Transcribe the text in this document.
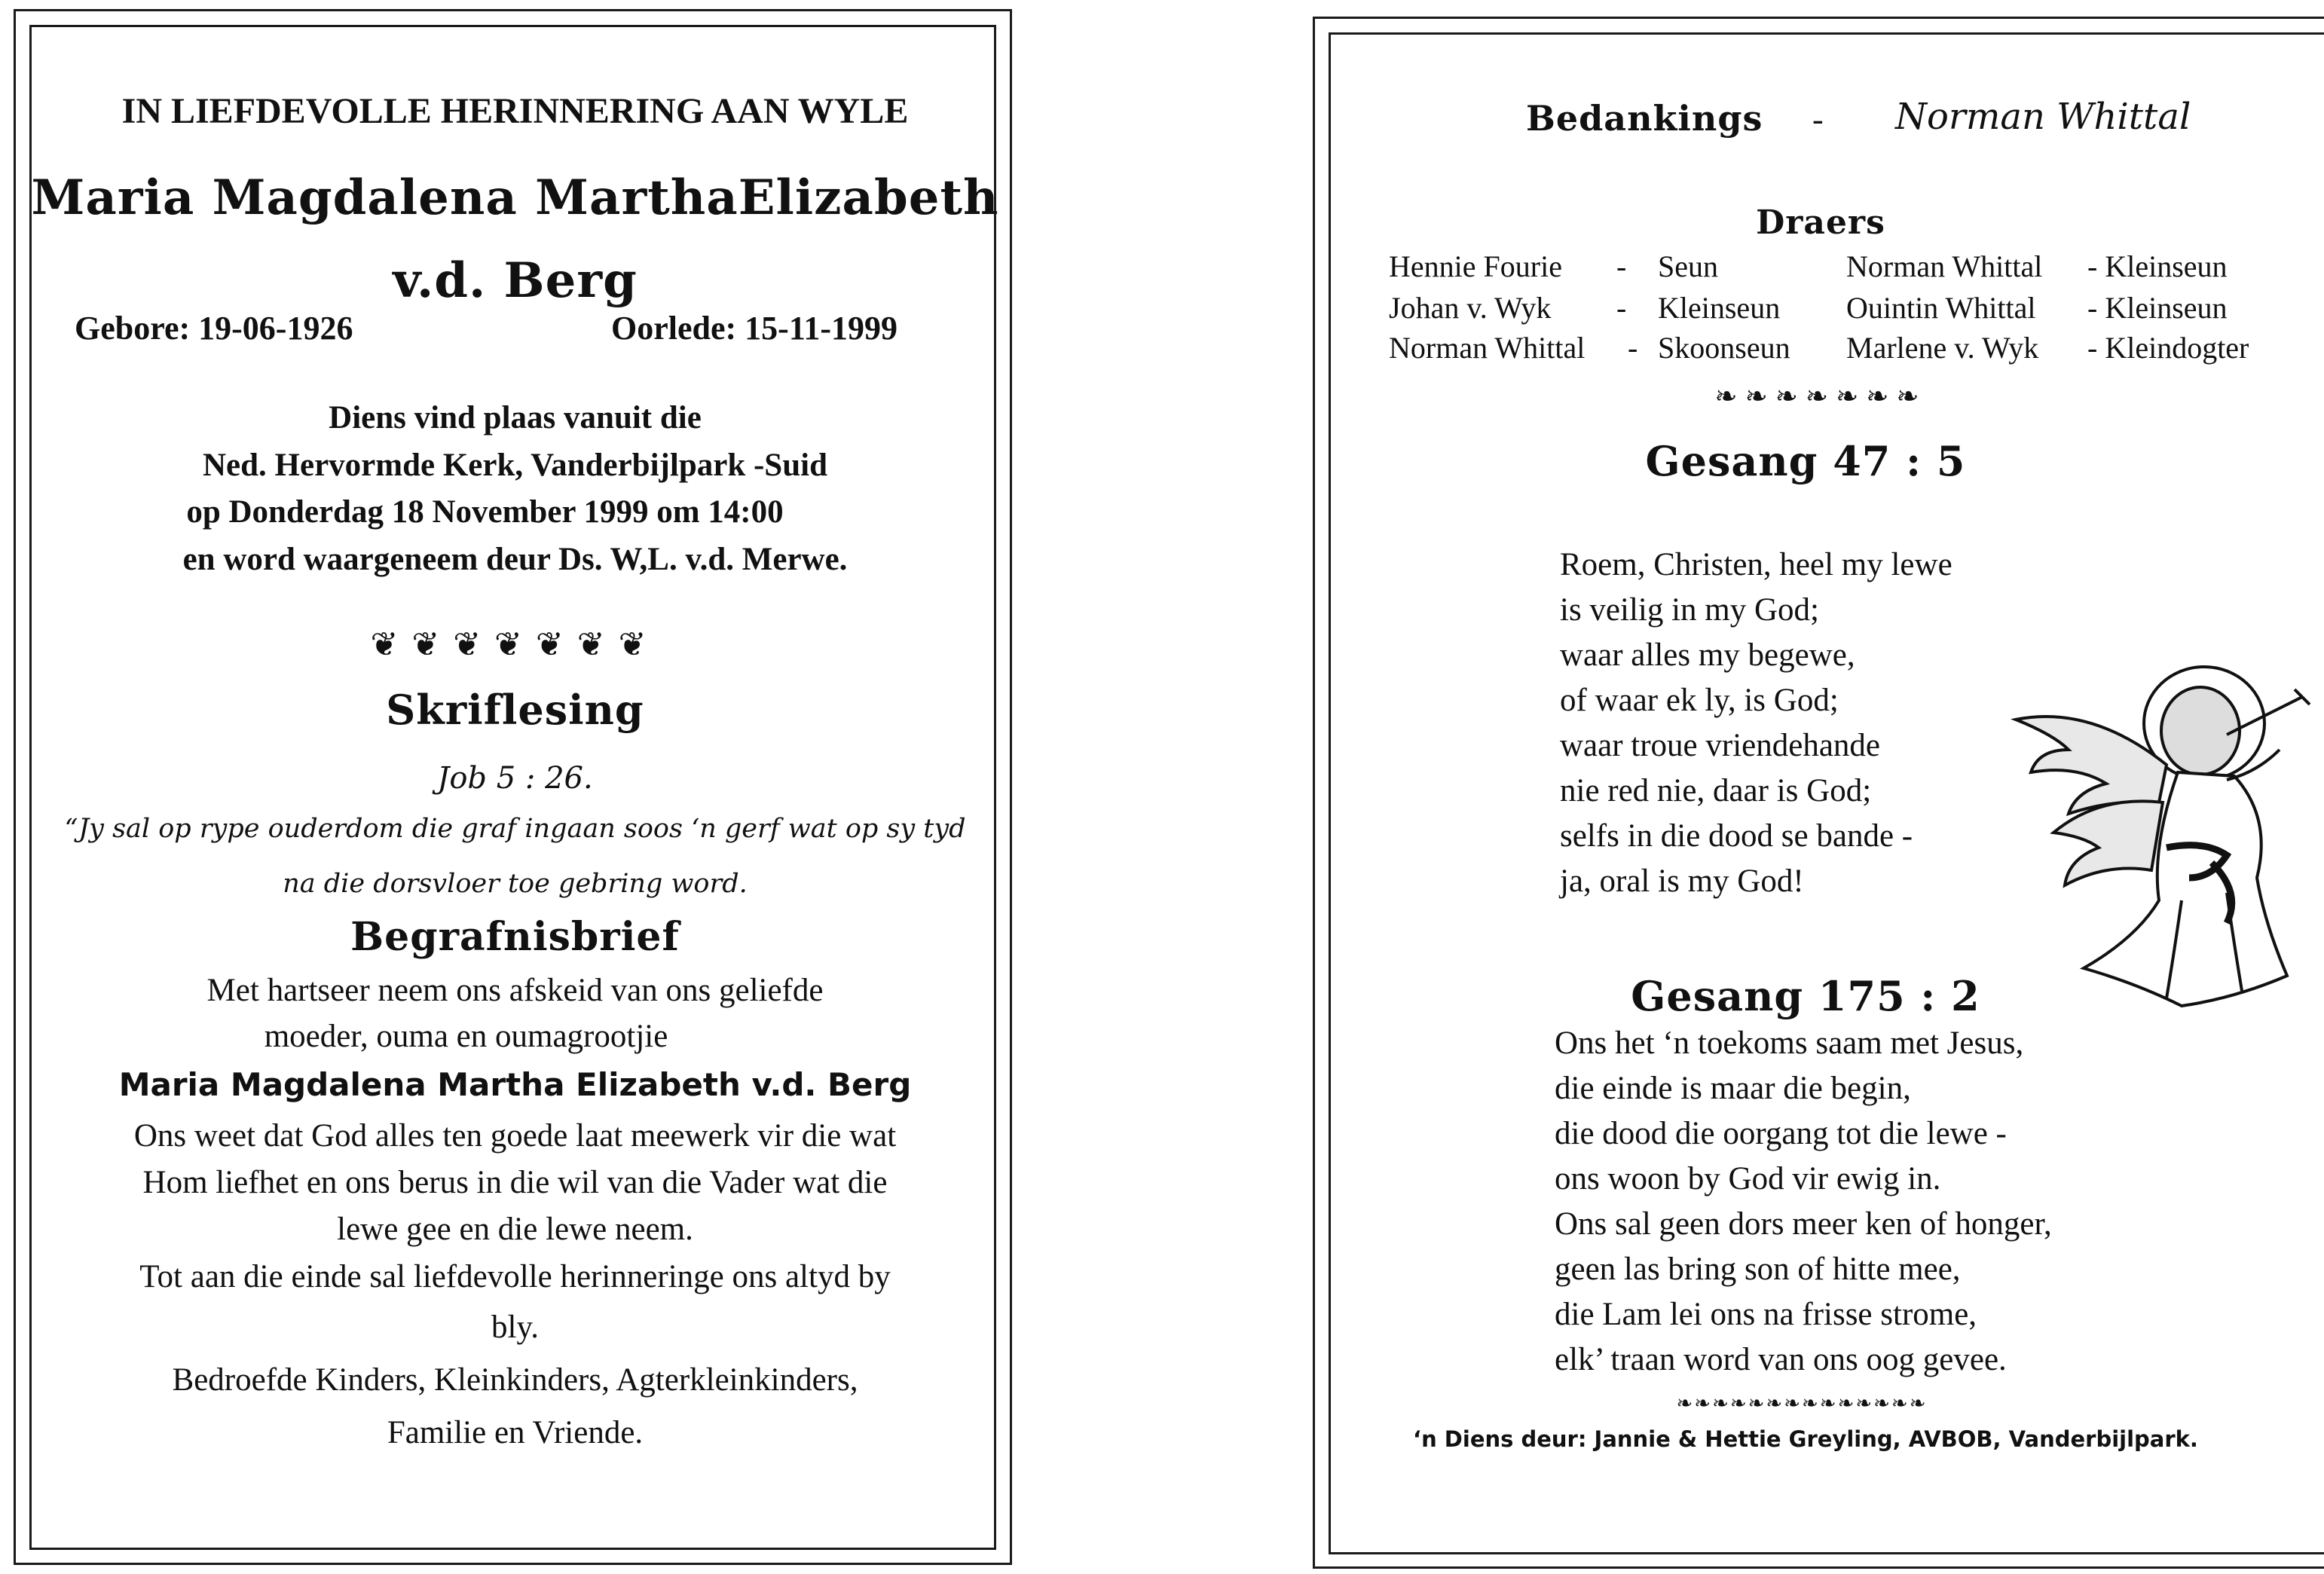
IN LIEFDEVOLLE HERINNERING AAN WYLE
Maria Magdalena MarthaElizabeth
v.d. Berg
Gebore: 19-06-1926	Oorlede: 15-11-1999
Diens vind plaas vanuit die
Ned. Hervormde Kerk, Vanderbijlpark -Suid
op Donderdag 18 November 1999 om 14:00
en word waargeneem deur Ds. W,L. v.d. Merwe.
❦❦❦❦❦❦❦
Skriflesing
Job 5 : 26.
“Jy sal op rype ouderdom die graf ingaan soos ‘n gerf wat op sy tyd
na die dorsvloer toe gebring word.
Begrafnisbrief
Met hartseer neem ons afskeid van ons geliefde
moeder, ouma en oumagrootjie
Maria Magdalena Martha Elizabeth v.d. Berg
Ons weet dat God alles ten goede laat meewerk vir die wat
Hom liefhet en ons berus in die wil van die Vader wat die
lewe gee en die lewe neem.
Tot aan die einde sal liefdevolle herinneringe ons altyd by
bly.
Bedroefde Kinders, Kleinkinders, Agterkleinkinders,
Familie en Vriende.
Bedankings - Norman Whittal
Draers
Hennie Fourie - Seun	Norman Whittal - Kleinseun
Johan v. Wyk - Kleinseun Ouintin Whittal - Kleinseun
Norman Whittal - Skoonseun Marlene v. Wyk - Kleindogter
❧❧❧❧❧❧❧
Gesang 47 : 5
Roem, Christen, heel my lewe
is veilig in my God;
waar alles my begewe,
of waar ek ly, is God;
waar troue vriendehande
nie red nie, daar is God;
selfs in die dood se bande -
ja, oral is my God!
Gesang 175 : 2
Ons het ‘n toekoms saam met Jesus,
die einde is maar die begin,
die dood die oorgang tot die lewe -
ons woon by God vir ewig in.
Ons sal geen dors meer ken of honger,
geen las bring son of hitte mee,
die Lam lei ons na frisse strome,
elk’ traan word van ons oog gevee.
❧❧❧❧❧❧❧❧❧❧❧❧❧❧
‘n Diens deur: Jannie & Hettie Greyling, AVBOB, Vanderbijlpark.
